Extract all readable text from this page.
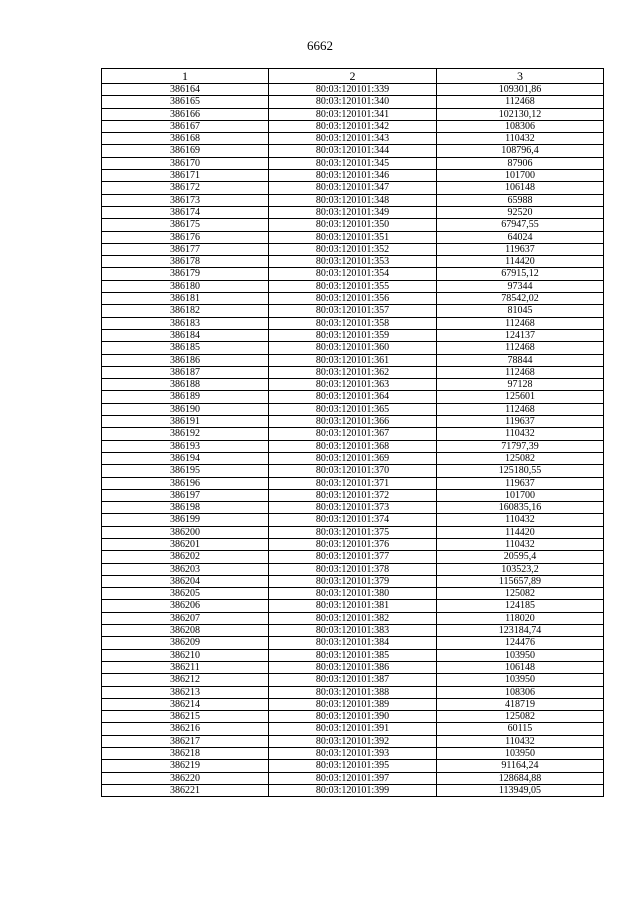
6662
1	2	3
386164	80:03:120101:339	109301,86
386165	80:03:120101:340	112468
386166	80:03:120101:341	102130,12
386167	80:03:120101:342	108306
386168	80:03:120101:343	110432
386169	80:03:120101:344	108796,4
386170	80:03:120101:345	87906
386171	80:03:120101:346	101700
386172	80:03:120101:347	106148
386173	80:03:120101:348	65988
386174	80:03:120101:349	92520
386175	80:03:120101:350	67947,55
386176	80:03:120101:351	64024
386177	80:03:120101:352	119637
386178	80:03:120101:353	114420
386179	80:03:120101:354	67915,12
386180	80:03:120101:355	97344
386181	80:03:120101:356	78542,02
386182	80:03:120101:357	81045
386183	80:03:120101:358	112468
386184	80:03:120101:359	124137
386185	80:03:120101:360	112468
386186	80:03:120101:361	78844
386187	80:03:120101:362	112468
386188	80:03:120101:363	97128
386189	80:03:120101:364	125601
386190	80:03:120101:365	112468
386191	80:03:120101:366	119637
386192	80:03:120101:367	110432
386193	80:03:120101:368	71797,39
386194	80:03:120101:369	125082
386195	80:03:120101:370	125180,55
386196	80:03:120101:371	119637
386197	80:03:120101:372	101700
386198	80:03:120101:373	160835,16
386199	80:03:120101:374	110432
386200	80:03:120101:375	114420
386201	80:03:120101:376	110432
386202	80:03:120101:377	20595,4
386203	80:03:120101:378	103523,2
386204	80:03:120101:379	115657,89
386205	80:03:120101:380	125082
386206	80:03:120101:381	124185
386207	80:03:120101:382	118020
386208	80:03:120101:383	123184,74
386209	80:03:120101:384	124476
386210	80:03:120101:385	103950
386211	80:03:120101:386	106148
386212	80:03:120101:387	103950
386213	80:03:120101:388	108306
386214	80:03:120101:389	418719
386215	80:03:120101:390	125082
386216	80:03:120101:391	60115
386217	80:03:120101:392	110432
386218	80:03:120101:393	103950
386219	80:03:120101:395	91164,24
386220	80:03:120101:397	128684,88
386221	80:03:120101:399	113949,05
